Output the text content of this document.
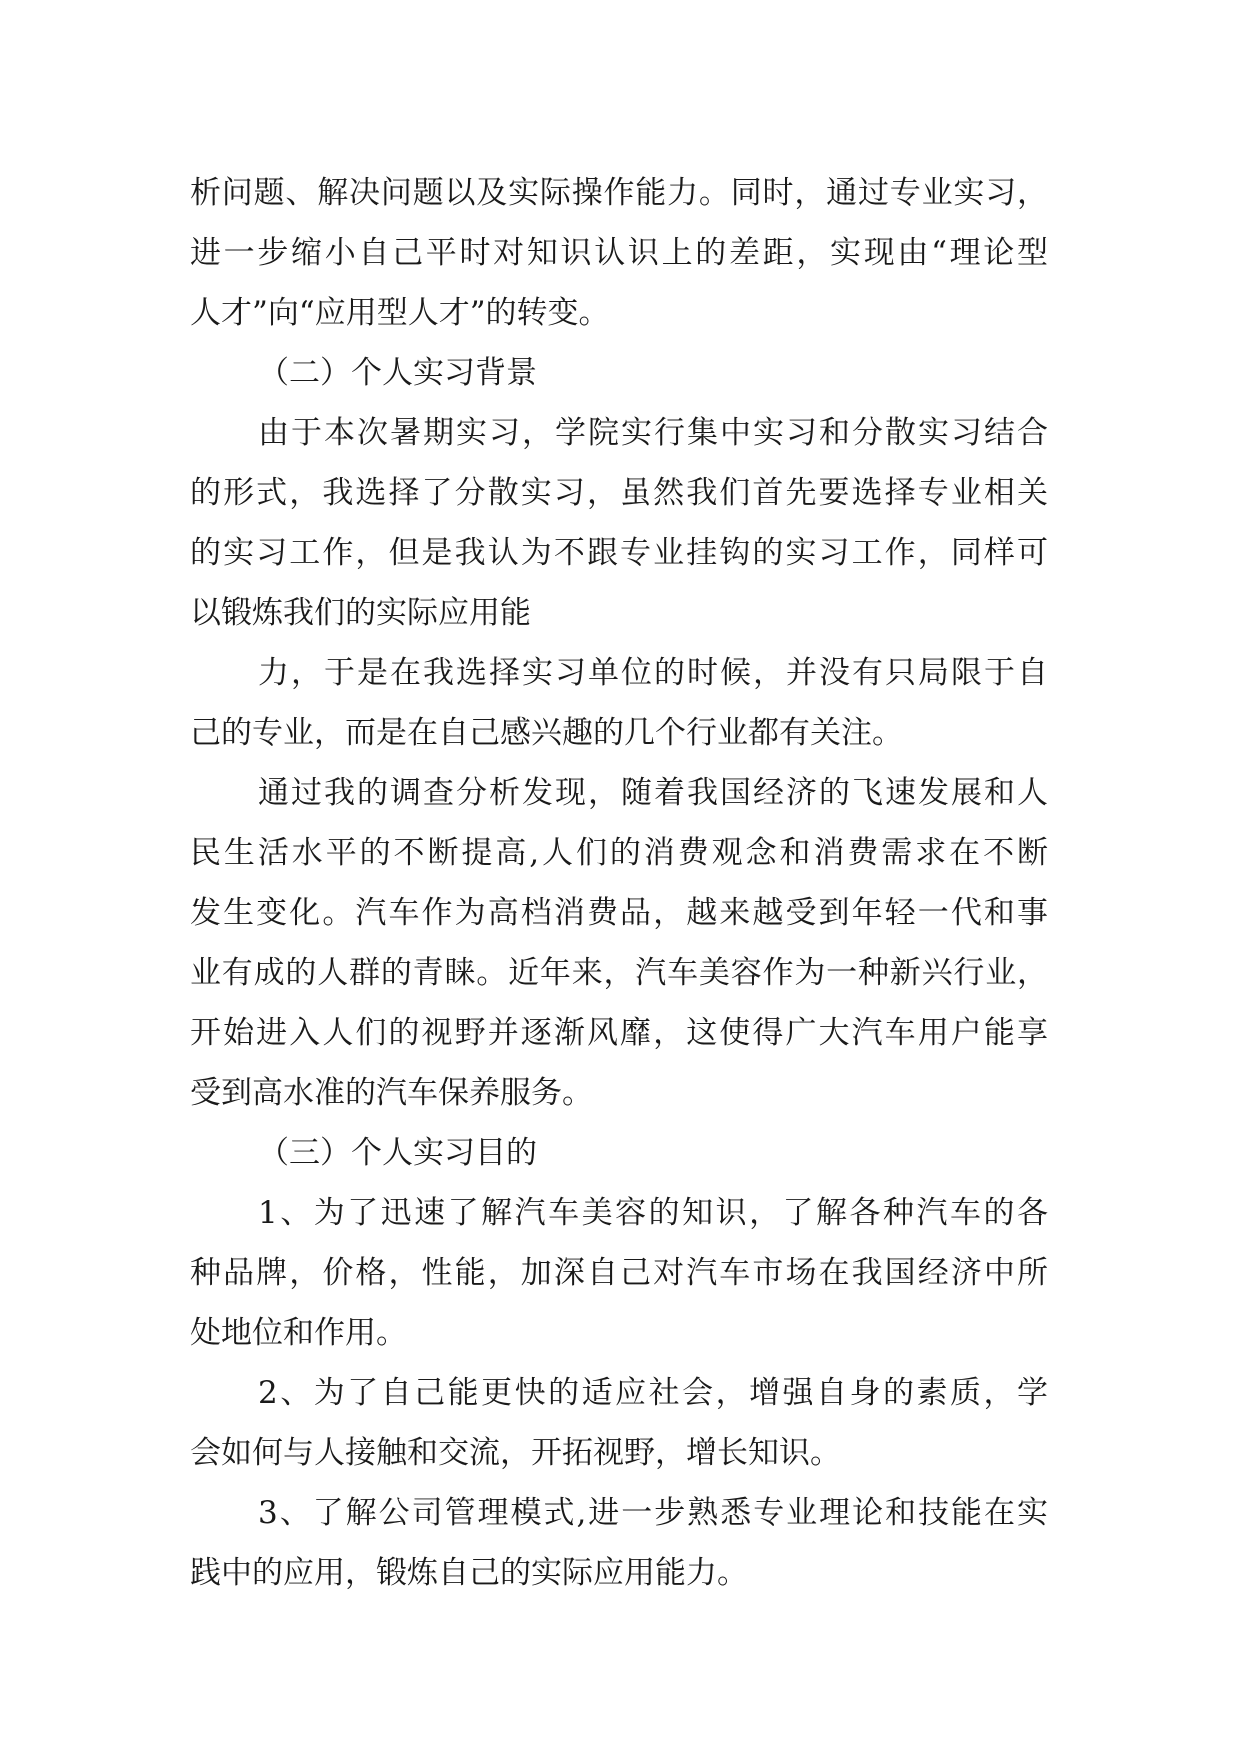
析问题、解决问题以及实际操作能力。同时，通过专业实习，
进一步缩小自己平时对知识认识上的差距，实现由“理论型
人才”向“应用型人才”的转变。
（二）个人实习背景
由于本次暑期实习，学院实行集中实习和分散实习结合
的形式，我选择了分散实习，虽然我们首先要选择专业相关
的实习工作，但是我认为不跟专业挂钩的实习工作，同样可
以锻炼我们的实际应用能
力，于是在我选择实习单位的时候，并没有只局限于自
己的专业，而是在自己感兴趣的几个行业都有关注。
通过我的调查分析发现，随着我国经济的飞速发展和人
民生活水平的不断提高,人们的消费观念和消费需求在不断
发生变化。汽车作为高档消费品，越来越受到年轻一代和事
业有成的人群的青睐。近年来，汽车美容作为一种新兴行业，
开始进入人们的视野并逐渐风靡，这使得广大汽车用户能享
受到高水准的汽车保养服务。
（三）个人实习目的
1、为了迅速了解汽车美容的知识，了解各种汽车的各
种品牌，价格，性能，加深自己对汽车市场在我国经济中所
处地位和作用。
2、为了自己能更快的适应社会，增强自身的素质，学
会如何与人接触和交流，开拓视野，增长知识。
3、了解公司管理模式,进一步熟悉专业理论和技能在实
践中的应用，锻炼自己的实际应用能力。
